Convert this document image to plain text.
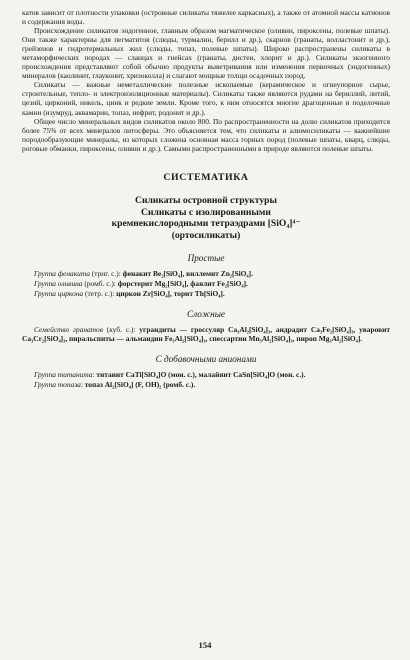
катов зависит от плотности упаковки (островные силикаты тяжелее каркасных), а также от атомной массы катионов и содержания воды.

Происхождение силикатов эндогенное, главным образом магматическое (оливин, пироксены, полевые шпаты). Они также характерны для пегматитов (слюды, турмалин, берилл и др.), скарнов (гранаты, волластонит и др.), грейзенов и гидротермальных жил (слюды, топаз, полевые шпаты). Широко распространены силикаты в метаморфических породах — сланцах и гнейсах (гранаты, дистен, хлорит и др.). Силикаты экзогенного происхождения представляют собой обычно продукты выветривания или изменения первичных (эндогенных) минералов (каолинит, глауконит, хризоколла) и слагают мощные толщи осадочных пород.

Силикаты — важные неметаллические полезные ископаемые (керамическое и огнеупорное сырье, строительные, тепло- и электроизоляционные материалы). Силикаты также являются рудами на бериллий, литий, цезий, цирконий, никель, цинк и редкие земли. Кроме того, к ним относятся многие драгоценные и поделочные камни (изумруд, аквамарин, топаз, нефрит, родонит и др.).

Общее число минеральных видов силикатов около 800. По распространенности на долю силикатов приходится более 75% от всех минералов литосферы. Это объясняется тем, что силикаты и алюмосиликаты — важнейшие породообразующие минералы, из которых сложена основная масса горных пород (полевые шпаты, кварц, слюды, роговые обманки, пироксены, оливин и др.). Самыми распространенными в природе являются полевые шпаты.

СИСТЕМАТИКА
Силикаты островной структуры
Силикаты с изолированными
кремнекислородными тетраэдрами [SiO₄]⁴⁻
(ортосиликаты)
Простые

Группа фенакита (триг. с.): фенакит Be₂[SiO₄], виллемит Zn₂[SiO₄].

Группа оливина (ромб. с.): форстерит Mg₂[SiO₄], фаялит Fe₂[SiO₄].

Группа циркона (тетр. с.): циркон Zr[SiO₄], торит Th[SiO₄].

Сложные

Семейство гранатов (куб. с.): уграндиты — гроссуляр Ca₃Al₂[SiO₄]₃, андрадит Ca₃Fe₂[SiO₄]₃, уваровит Ca₃Cr₂[SiO₄]₃, пиральспиты — альмандин Fe₃Al₂[SiO₄]₃, спессартин Mn₃Al₂[SiO₄]₃, пироп Mg₃Al₂[SiO₄].

С добавочными анионами

Группа титанита: титанит CaTi[SiO₄]O (мон. с.), малайяит CaSn[SiO₄]O (мон. с.).

Группа топаза: топаз Al₂[SiO₄] (F, OH)₂ (ромб. с.).

154
